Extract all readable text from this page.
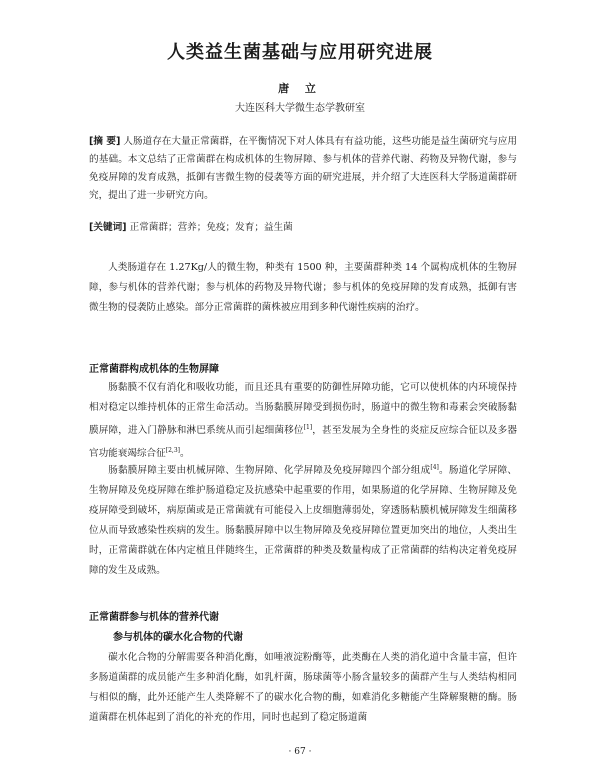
人类益生菌基础与应用研究进展
唐 立
大连医科大学微生态学教研室
[摘 要] 人肠道存在大量正常菌群，在平衡情况下对人体具有有益功能，这些功能是益生菌研究与应用的基础。本文总结了正常菌群在构成机体的生物屏障、参与机体的营养代谢、药物及异物代谢，参与免疫屏障的发育成熟，抵御有害微生物的侵袭等方面的研究进展，并介绍了大连医科大学肠道菌群研究，提出了进一步研究方向。
[关键词] 正常菌群；营养；免疫；发育；益生菌
人类肠道存在 1.27Kg/人的微生物，种类有 1500 种，主要菌群种类 14 个属构成机体的生物屏障，参与机体的营养代谢；参与机体的药物及异物代谢；参与机体的免疫屏障的发育成熟，抵御有害微生物的侵袭防止感染。部分正常菌群的菌株被应用到多种代谢性疾病的治疗。
正常菌群构成机体的生物屏障
肠黏膜不仅有消化和吸收功能，而且还具有重要的防御性屏障功能，它可以使机体的内环境保持相对稳定以维持机体的正常生命活动。当肠黏膜屏障受到损伤时，肠道中的微生物和毒素会突破肠黏膜屏障，进入门静脉和淋巴系统从而引起细菌移位[1]，甚至发展为全身性的炎症反应综合征以及多器官功能衰竭综合征[2,3]。
肠黏膜屏障主要由机械屏障、生物屏障、化学屏障及免疫屏障四个部分组成[4]。肠道化学屏障、生物屏障及免疫屏障在维护肠道稳定及抗感染中起重要的作用，如果肠道的化学屏障、生物屏障及免疫屏障受到破坏，病原菌或是正常菌就有可能侵入上皮细胞薄弱处，穿透肠粘膜机械屏障发生细菌移位从而导致感染性疾病的发生。肠黏膜屏障中以生物屏障及免疫屏障位置更加突出的地位，人类出生时，正常菌群就在体内定植且伴随终生，正常菌群的种类及数量构成了正常菌群的结构决定着免疫屏障的发生及成熟。
正常菌群参与机体的营养代谢
参与机体的碳水化合物的代谢
碳水化合物的分解需要各种消化酶，如唾液淀粉酶等，此类酶在人类的消化道中含量丰富，但许多肠道菌群的成员能产生多种消化酶，如乳杆菌，肠球菌等小肠含量较多的菌群产生与人类结构相同与相似的酶，此外还能产生人类降解不了的碳水化合物的酶，如难消化多糖能产生降解聚糖的酶。肠道菌群在机体起到了消化的补充的作用，同时也起到了稳定肠道菌
· 67 ·
